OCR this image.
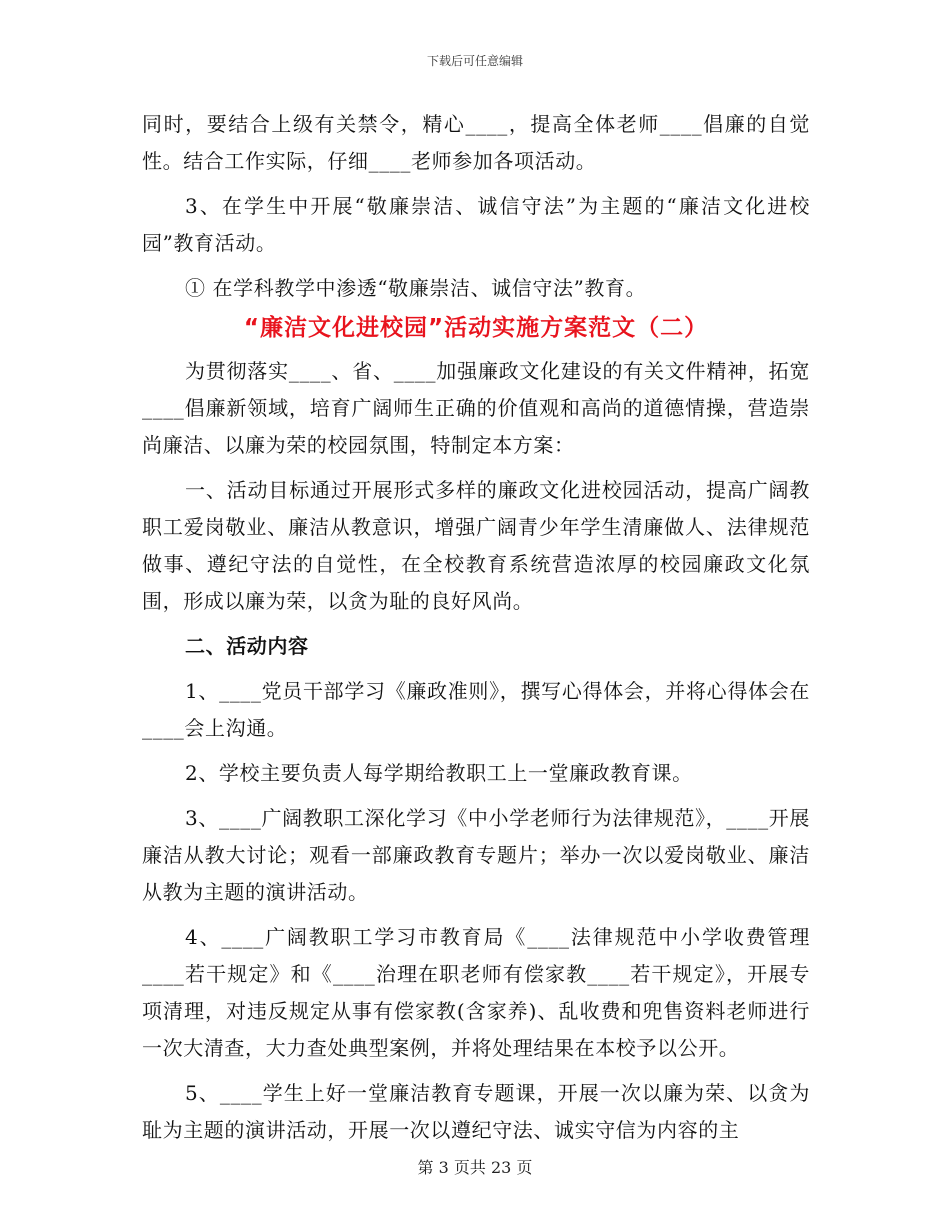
下载后可任意编辑

同时，要结合上级有关禁令，精心____，提高全体老师____倡廉的自觉性。结合工作实际，仔细____老师参加各项活动。

3、在学生中开展“敬廉崇洁、诚信守法”为主题的“廉洁文化进校园”教育活动。

① 在学科教学中渗透“敬廉崇洁、诚信守法”教育。

“廉洁文化进校园”活动实施方案范文（二）

为贯彻落实____、省、____加强廉政文化建设的有关文件精神，拓宽____倡廉新领域，培育广阔师生正确的价值观和高尚的道德情操，营造崇尚廉洁、以廉为荣的校园氛围，特制定本方案：

一、活动目标通过开展形式多样的廉政文化进校园活动，提高广阔教职工爱岗敬业、廉洁从教意识，增强广阔青少年学生清廉做人、法律规范做事、遵纪守法的自觉性，在全校教育系统营造浓厚的校园廉政文化氛围，形成以廉为荣，以贪为耻的良好风尚。

二、活动内容

1、____党员干部学习《廉政准则》，撰写心得体会，并将心得体会在____会上沟通。

2、学校主要负责人每学期给教职工上一堂廉政教育课。

3、____广阔教职工深化学习《中小学老师行为法律规范》，____开展廉洁从教大讨论；观看一部廉政教育专题片；举办一次以爱岗敬业、廉洁从教为主题的演讲活动。

4、____广阔教职工学习市教育局《____法律规范中小学收费管理____若干规定》和《____治理在职老师有偿家教____若干规定》，开展专项清理，对违反规定从事有偿家教(含家养)、乱收费和兜售资料老师进行一次大清查，大力查处典型案例，并将处理结果在本校予以公开。

5、____学生上好一堂廉洁教育专题课，开展一次以廉为荣、以贪为耻为主题的演讲活动，开展一次以遵纪守法、诚实守信为内容的主

第 3 页共 23 页
